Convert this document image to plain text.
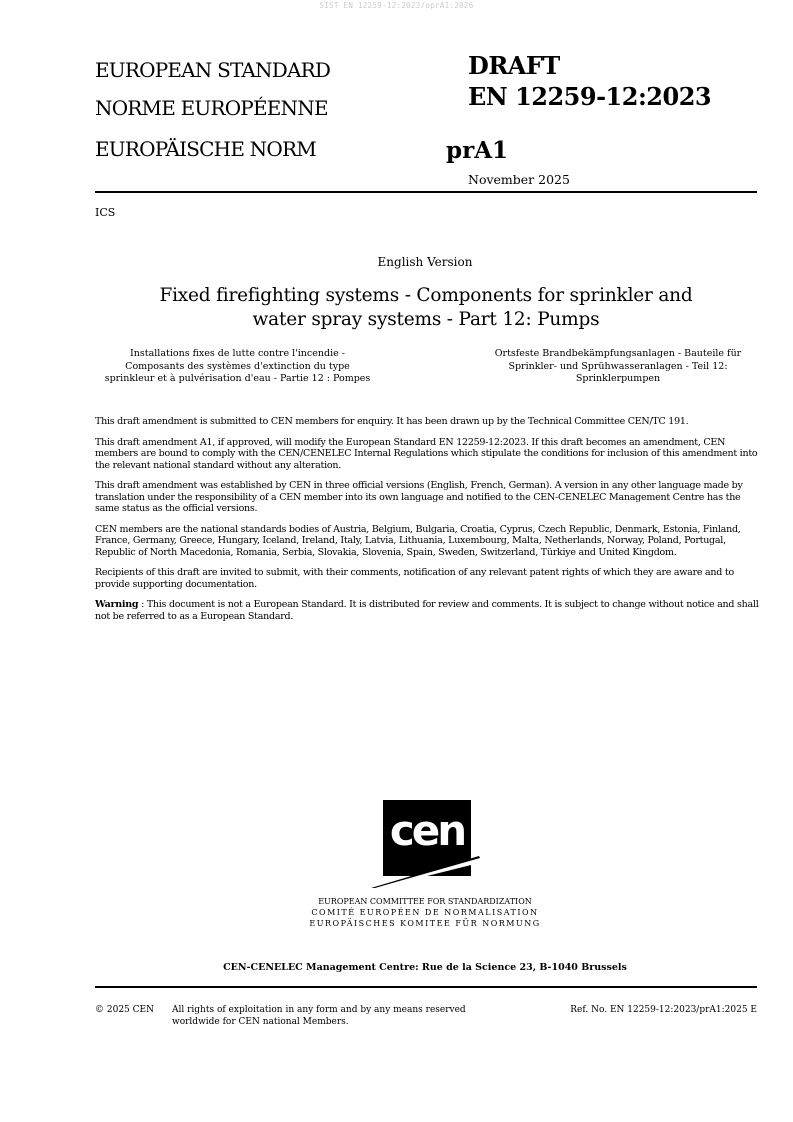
SIST EN 12259-12:2023/oprA1:2026
EUROPEAN STANDARD
NORME EUROPÉENNE
EUROPÄISCHE NORM
DRAFT
EN 12259-12:2023
prA1
November 2025
ICS
English Version
Fixed firefighting systems - Components for sprinkler and
water spray systems - Part 12: Pumps
Installations fixes de lutte contre l'incendie -
Composants des systèmes d'extinction du type
sprinkleur et à pulvérisation d'eau - Partie 12 : Pompes
Ortsfeste Brandbekämpfungsanlagen - Bauteile für
Sprinkler- und Sprühwasseranlagen - Teil 12:
Sprinklerpumpen

This draft amendment is submitted to CEN members for enquiry. It has been drawn up by the Technical Committee CEN/TC 191.

This draft amendment A1, if approved, will modify the European Standard EN 12259-12:2023. If this draft becomes an amendment, CEN members are bound to comply with the CEN/CENELEC Internal Regulations which stipulate the conditions for inclusion of this amendment into the relevant national standard without any alteration.

This draft amendment was established by CEN in three official versions (English, French, German). A version in any other language made by translation under the responsibility of a CEN member into its own language and notified to the CEN-CENELEC Management Centre has the same status as the official versions.

CEN members are the national standards bodies of Austria, Belgium, Bulgaria, Croatia, Cyprus, Czech Republic, Denmark, Estonia, Finland, France, Germany, Greece, Hungary, Iceland, Ireland, Italy, Latvia, Lithuania, Luxembourg, Malta, Netherlands, Norway, Poland, Portugal, Republic of North Macedonia, Romania, Serbia, Slovakia, Slovenia, Spain, Sweden, Switzerland, Türkiye and United Kingdom.

Recipients of this draft are invited to submit, with their comments, notification of any relevant patent rights of which they are aware and to provide supporting documentation.

Warning : This document is not a European Standard. It is distributed for review and comments. It is subject to change without notice and shall not be referred to as a European Standard.

cen
EUROPEAN COMMITTEE FOR STANDARDIZATION
COMITÉ EUROPÉEN DE NORMALISATION
EUROPÄISCHES KOMITEE FÜR NORMUNG
CEN-CENELEC Management Centre: Rue de la Science 23, B-1040 Brussels
© 2025 CEN All rights of exploitation in any form and by any means reserved
worldwide for CEN national Members.
Ref. No. EN 12259-12:2023/prA1:2025 E
